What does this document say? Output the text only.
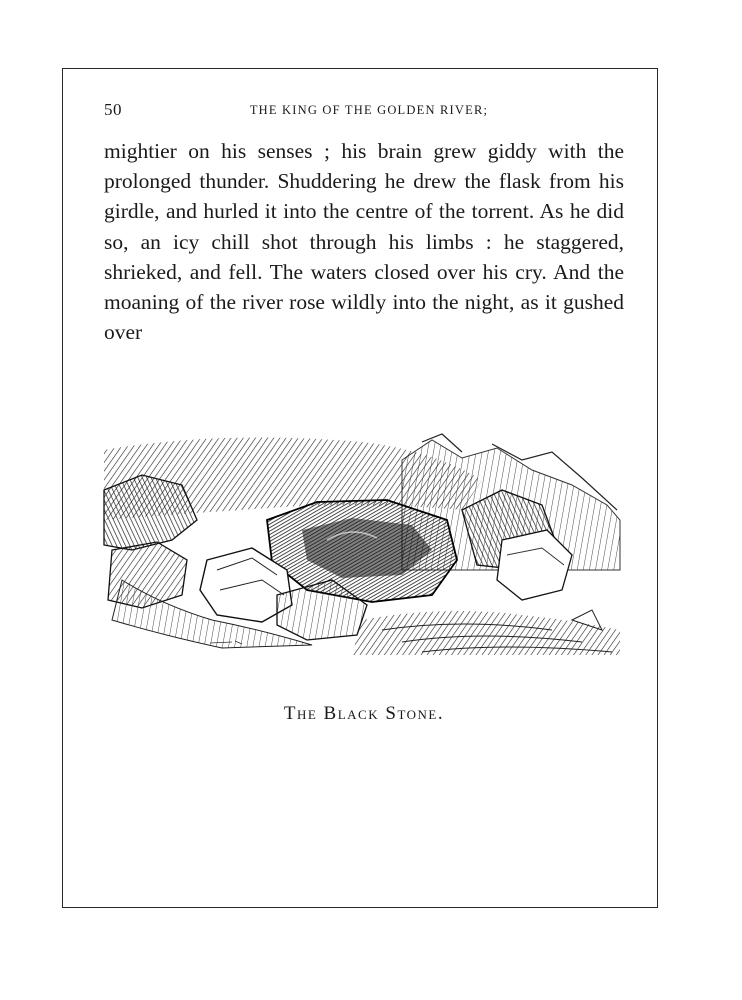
50	THE KING OF THE GOLDEN RIVER;

mightier on his senses ; his brain grew giddy with the prolonged thunder. Shuddering he drew the flask from his girdle, and hurled it into the centre of the torrent. As he did so, an icy chill shot through his limbs : he staggered, shrieked, and fell. The waters closed over his cry. And the moaning of the river rose wildly into the night, as it gushed over

The Black Stone.
